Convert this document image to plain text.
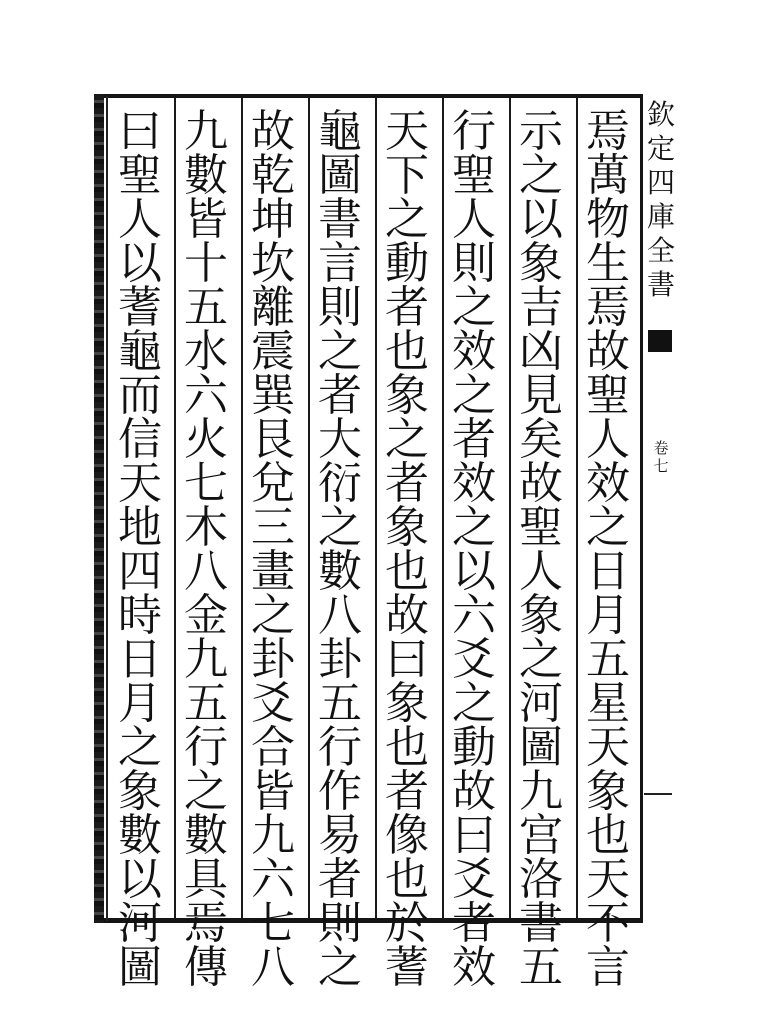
焉
萬
物
生
焉
故
聖
人
效
之
日
月
五
星
天
象
也
天
不
言
示
之
以
象
吉
凶
見
矣
故
聖
人
象
之
河
圖
九
宫
洛
書
五
行
聖
人
則
之
效
之
者
效
之
以
六
爻
之
動
故
曰
爻
者
效
天
下
之
動
者
也
象
之
者
象
也
故
曰
象
也
者
像
也
於
蓍
龜
圖
書
言
則
之
者
大
衍
之
數
八
卦
五
行
作
易
者
則
之
故
乾
坤
坎
離
震
巽
艮
兌
三
畫
之
卦
爻
合
皆
九
六
七
八
九
數
皆
十
五
水
六
火
七
木
八
金
九
五
行
之
數
具
焉
傳
曰
聖
人
以
蓍
龜
而
信
天
地
四
時
日
月
之
象
數
以
河
圖
欽
定
四
庫
全
書
卷
七
